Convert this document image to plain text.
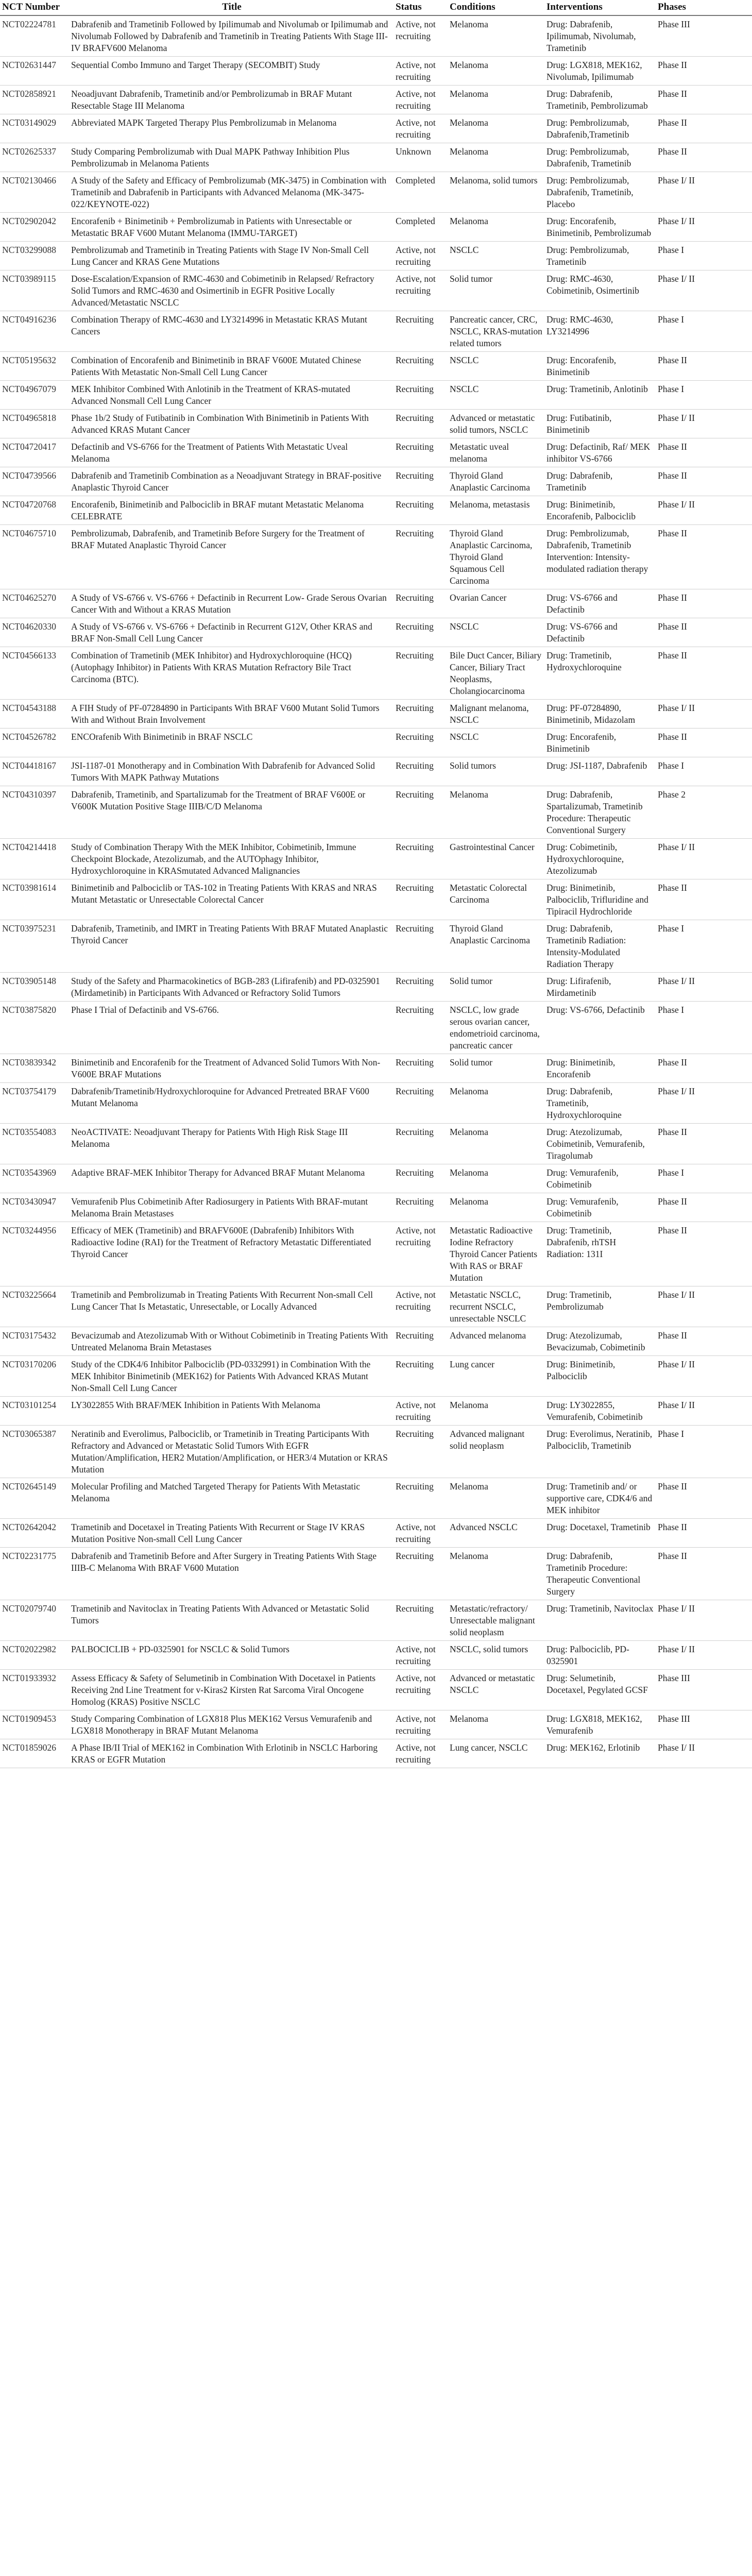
NCT Number	Title	Status	Conditions	Interventions	Phases
NCT02224781	Dabrafenib and Trametinib Followed by Ipilimumab and Nivolumab or Ipilimumab and Nivolumab Followed by Dabrafenib and Trametinib in Treating Patients With Stage III-IV BRAFV600 Melanoma	Active, not recruiting	Melanoma	Drug: Dabrafenib, Ipilimumab, Nivolumab, Trametinib	Phase III
NCT02631447	Sequential Combo Immuno and Target Therapy (SECOMBIT) Study	Active, not recruiting	Melanoma	Drug: LGX818, MEK162, Nivolumab, Ipilimumab	Phase II
NCT02858921	Neoadjuvant Dabrafenib, Trametinib and/or Pembrolizumab in BRAF Mutant Resectable Stage III Melanoma	Active, not recruiting	Melanoma	Drug: Dabrafenib, Trametinib, Pembrolizumab	Phase II
NCT03149029	Abbreviated MAPK Targeted Therapy Plus Pembrolizumab in Melanoma	Active, not recruiting	Melanoma	Drug: Pembrolizumab, Dabrafenib,Trametinib	Phase II
NCT02625337	Study Comparing Pembrolizumab with Dual MAPK Pathway Inhibition Plus Pembrolizumab in Melanoma Patients	Unknown	Melanoma	Drug: Pembrolizumab, Dabrafenib, Trametinib	Phase II
NCT02130466	A Study of the Safety and Efficacy of Pembrolizumab (MK-3475) in Combination with Trametinib and Dabrafenib in Participants with Advanced Melanoma (MK-3475-022/KEYNOTE-022)	Completed	Melanoma, solid tumors	Drug: Pembrolizumab, Dabrafenib, Trametinib, Placebo	Phase I/ II
NCT02902042	Encorafenib + Binimetinib + Pembrolizumab in Patients with Unresectable or Metastatic BRAF V600 Mutant Melanoma (IMMU-TARGET)	Completed	Melanoma	Drug: Encorafenib, Binimetinib, Pembrolizumab	Phase I/ II
NCT03299088	Pembrolizumab and Trametinib in Treating Patients with Stage IV Non-Small Cell Lung Cancer and KRAS Gene Mutations	Active, not recruiting	NSCLC	Drug: Pembrolizumab, Trametinib	Phase I
NCT03989115	Dose-Escalation/Expansion of RMC-4630 and Cobimetinib in Relapsed/ Refractory Solid Tumors and RMC-4630 and Osimertinib in EGFR Positive Locally Advanced/Metastatic NSCLC	Active, not recruiting	Solid tumor	Drug: RMC-4630, Cobimetinib, Osimertinib	Phase I/ II
NCT04916236	Combination Therapy of RMC-4630 and LY3214996 in Metastatic KRAS Mutant Cancers	Recruiting	Pancreatic cancer, CRC, NSCLC, KRAS-mutation related tumors	Drug: RMC-4630, LY3214996	Phase I
NCT05195632	Combination of Encorafenib and Binimetinib in BRAF V600E Mutated Chinese Patients With Metastatic Non-Small Cell Lung Cancer	Recruiting	NSCLC	Drug: Encorafenib, Binimetinib	Phase II
NCT04967079	MEK Inhibitor Combined With Anlotinib in the Treatment of KRAS-mutated Advanced Nonsmall Cell Lung Cancer	Recruiting	NSCLC	Drug: Trametinib, Anlotinib	Phase I
NCT04965818	Phase 1b/2 Study of Futibatinib in Combination With Binimetinib in Patients With Advanced KRAS Mutant Cancer	Recruiting	Advanced or metastatic solid tumors, NSCLC	Drug: Futibatinib, Binimetinib	Phase I/ II
NCT04720417	Defactinib and VS-6766 for the Treatment of Patients With Metastatic Uveal Melanoma	Recruiting	Metastatic uveal melanoma	Drug: Defactinib, Raf/ MEK inhibitor VS-6766	Phase II
NCT04739566	Dabrafenib and Trametinib Combination as a Neoadjuvant Strategy in BRAF-positive Anaplastic Thyroid Cancer	Recruiting	Thyroid Gland Anaplastic Carcinoma	Drug: Dabrafenib, Trametinib	Phase II
NCT04720768	Encorafenib, Binimetinib and Palbociclib in BRAF mutant Metastatic Melanoma CELEBRATE	Recruiting	Melanoma, metastasis	Drug: Binimetinib, Encorafenib, Palbociclib	Phase I/ II
NCT04675710	Pembrolizumab, Dabrafenib, and Trametinib Before Surgery for the Treatment of BRAF Mutated Anaplastic Thyroid Cancer	Recruiting	Thyroid Gland Anaplastic Carcinoma, Thyroid Gland Squamous Cell Carcinoma	Drug: Pembrolizumab, Dabrafenib, Trametinib Intervention: Intensity-modulated radiation therapy	Phase II
NCT04625270	A Study of VS-6766 v. VS-6766 + Defactinib in Recurrent Low- Grade Serous Ovarian Cancer With and Without a KRAS Mutation	Recruiting	Ovarian Cancer	Drug: VS-6766 and Defactinib	Phase II
NCT04620330	A Study of VS-6766 v. VS-6766 + Defactinib in Recurrent G12V, Other KRAS and BRAF Non-Small Cell Lung Cancer	Recruiting	NSCLC	Drug: VS-6766 and Defactinib	Phase II
NCT04566133	Combination of Trametinib (MEK Inhibitor) and Hydroxychloroquine (HCQ) (Autophagy Inhibitor) in Patients With KRAS Mutation Refractory Bile Tract Carcinoma (BTC).	Recruiting	Bile Duct Cancer, Biliary Cancer, Biliary Tract Neoplasms, Cholangiocarcinoma	Drug: Trametinib, Hydroxychloroquine	Phase II
NCT04543188	A FIH Study of PF-07284890 in Participants With BRAF V600 Mutant Solid Tumors With and Without Brain Involvement	Recruiting	Malignant melanoma, NSCLC	Drug: PF-07284890, Binimetinib, Midazolam	Phase I/ II
NCT04526782	ENCOrafenib With Binimetinib in BRAF NSCLC	Recruiting	NSCLC	Drug: Encorafenib, Binimetinib	Phase II
NCT04418167	JSI-1187-01 Monotherapy and in Combination With Dabrafenib for Advanced Solid Tumors With MAPK Pathway Mutations	Recruiting	Solid tumors	Drug: JSI-1187, Dabrafenib	Phase I
NCT04310397	Dabrafenib, Trametinib, and Spartalizumab for the Treatment of BRAF V600E or V600K Mutation Positive Stage IIIB/C/D Melanoma	Recruiting	Melanoma	Drug: Dabrafenib, Spartalizumab, Trametinib Procedure: Therapeutic Conventional Surgery	Phase 2
NCT04214418	Study of Combination Therapy With the MEK Inhibitor, Cobimetinib, Immune Checkpoint Blockade, Atezolizumab, and the AUTOphagy Inhibitor, Hydroxychloroquine in KRASmutated Advanced Malignancies	Recruiting	Gastrointestinal Cancer	Drug: Cobimetinib, Hydroxychloroquine, Atezolizumab	Phase I/ II
NCT03981614	Binimetinib and Palbociclib or TAS-102 in Treating Patients With KRAS and NRAS Mutant Metastatic or Unresectable Colorectal Cancer	Recruiting	Metastatic Colorectal Carcinoma	Drug: Binimetinib, Palbociclib, Trifluridine and Tipiracil Hydrochloride	Phase II
NCT03975231	Dabrafenib, Trametinib, and IMRT in Treating Patients With BRAF Mutated Anaplastic Thyroid Cancer	Recruiting	Thyroid Gland Anaplastic Carcinoma	Drug: Dabrafenib, Trametinib Radiation: Intensity-Modulated Radiation Therapy	Phase I
NCT03905148	Study of the Safety and Pharmacokinetics of BGB-283 (Lifirafenib) and PD-0325901 (Mirdametinib) in Participants With Advanced or Refractory Solid Tumors	Recruiting	Solid tumor	Drug: Lifirafenib, Mirdametinib	Phase I/ II
NCT03875820	Phase I Trial of Defactinib and VS-6766.	Recruiting	NSCLC, low grade serous ovarian cancer, endometrioid carcinoma, pancreatic cancer	Drug: VS-6766, Defactinib	Phase I
NCT03839342	Binimetinib and Encorafenib for the Treatment of Advanced Solid Tumors With Non-V600E BRAF Mutations	Recruiting	Solid tumor	Drug: Binimetinib, Encorafenib	Phase II
NCT03754179	Dabrafenib/Trametinib/Hydroxychloroquine for Advanced Pretreated BRAF V600 Mutant Melanoma	Recruiting	Melanoma	Drug: Dabrafenib, Trametinib, Hydroxychloroquine	Phase I/ II
NCT03554083	NeoACTIVATE: Neoadjuvant Therapy for Patients With High Risk Stage III Melanoma	Recruiting	Melanoma	Drug: Atezolizumab, Cobimetinib, Vemurafenib, Tiragolumab	Phase II
NCT03543969	Adaptive BRAF-MEK Inhibitor Therapy for Advanced BRAF Mutant Melanoma	Recruiting	Melanoma	Drug: Vemurafenib, Cobimetinib	Phase I
NCT03430947	Vemurafenib Plus Cobimetinib After Radiosurgery in Patients With BRAF-mutant Melanoma Brain Metastases	Recruiting	Melanoma	Drug: Vemurafenib, Cobimetinib	Phase II
NCT03244956	Efficacy of MEK (Trametinib) and BRAFV600E (Dabrafenib) Inhibitors With Radioactive Iodine (RAI) for the Treatment of Refractory Metastatic Differentiated Thyroid Cancer	Active, not recruiting	Metastatic Radioactive Iodine Refractory Thyroid Cancer Patients With RAS or BRAF Mutation	Drug: Trametinib, Dabrafenib, rhTSH Radiation: 131I	Phase II
NCT03225664	Trametinib and Pembrolizumab in Treating Patients With Recurrent Non-small Cell Lung Cancer That Is Metastatic, Unresectable, or Locally Advanced	Active, not recruiting	Metastatic NSCLC, recurrent NSCLC, unresectable NSCLC	Drug: Trametinib, Pembrolizumab	Phase I/ II
NCT03175432	Bevacizumab and Atezolizumab With or Without Cobimetinib in Treating Patients With Untreated Melanoma Brain Metastases	Recruiting	Advanced melanoma	Drug: Atezolizumab, Bevacizumab, Cobimetinib	Phase II
NCT03170206	Study of the CDK4/6 Inhibitor Palbociclib (PD-0332991) in Combination With the MEK Inhibitor Binimetinib (MEK162) for Patients With Advanced KRAS Mutant Non-Small Cell Lung Cancer	Recruiting	Lung cancer	Drug: Binimetinib, Palbociclib	Phase I/ II
NCT03101254	LY3022855 With BRAF/MEK Inhibition in Patients With Melanoma	Active, not recruiting	Melanoma	Drug: LY3022855, Vemurafenib, Cobimetinib	Phase I/ II
NCT03065387	Neratinib and Everolimus, Palbociclib, or Trametinib in Treating Participants With Refractory and Advanced or Metastatic Solid Tumors With EGFR Mutation/Amplification, HER2 Mutation/Amplification, or HER3/4 Mutation or KRAS Mutation	Recruiting	Advanced malignant solid neoplasm	Drug: Everolimus, Neratinib, Palbociclib, Trametinib	Phase I
NCT02645149	Molecular Profiling and Matched Targeted Therapy for Patients With Metastatic Melanoma	Recruiting	Melanoma	Drug: Trametinib and/ or supportive care, CDK4/6 and MEK inhibitor	Phase II
NCT02642042	Trametinib and Docetaxel in Treating Patients With Recurrent or Stage IV KRAS Mutation Positive Non-small Cell Lung Cancer	Active, not recruiting	Advanced NSCLC	Drug: Docetaxel, Trametinib	Phase II
NCT02231775	Dabrafenib and Trametinib Before and After Surgery in Treating Patients With Stage IIIB-C Melanoma With BRAF V600 Mutation	Recruiting	Melanoma	Drug: Dabrafenib, Trametinib Procedure: Therapeutic Conventional Surgery	Phase II
NCT02079740	Trametinib and Navitoclax in Treating Patients With Advanced or Metastatic Solid Tumors	Recruiting	Metastatic/refractory/ Unresectable malignant solid neoplasm	Drug: Trametinib, Navitoclax	Phase I/ II
NCT02022982	PALBOCICLIB + PD-0325901 for NSCLC & Solid Tumors	Active, not recruiting	NSCLC, solid tumors	Drug: Palbociclib, PD-0325901	Phase I/ II
NCT01933932	Assess Efficacy & Safety of Selumetinib in Combination With Docetaxel in Patients Receiving 2nd Line Treatment for v-Kiras2 Kirsten Rat Sarcoma Viral Oncogene Homolog (KRAS) Positive NSCLC	Active, not recruiting	Advanced or metastatic NSCLC	Drug: Selumetinib, Docetaxel, Pegylated GCSF	Phase III
NCT01909453	Study Comparing Combination of LGX818 Plus MEK162 Versus Vemurafenib and LGX818 Monotherapy in BRAF Mutant Melanoma	Active, not recruiting	Melanoma	Drug: LGX818, MEK162, Vemurafenib	Phase III
NCT01859026	A Phase IB/II Trial of MEK162 in Combination With Erlotinib in NSCLC Harboring KRAS or EGFR Mutation	Active, not recruiting	Lung cancer, NSCLC	Drug: MEK162, Erlotinib	Phase I/ II
